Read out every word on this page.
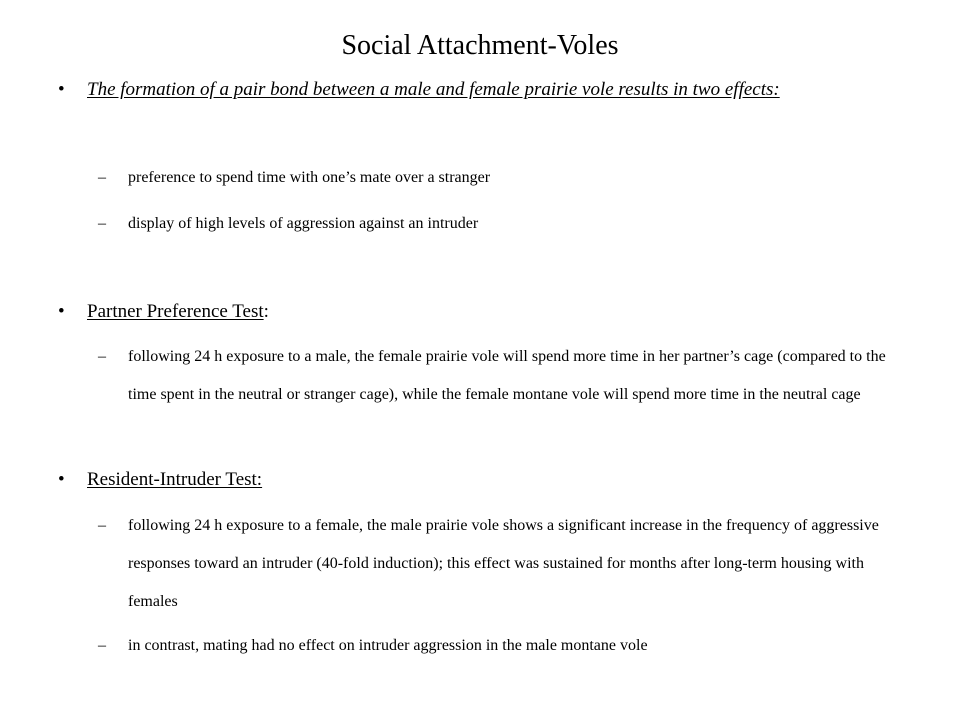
Social Attachment-Voles
•	The formation of a pair bond between a male and female prairie vole results in two effects:
–	preference to spend time with one’s mate over a stranger
–	display of high levels of aggression against an intruder
•	Partner Preference Test:
–	following 24 h exposure to a male, the female prairie vole will spend more time in her partner’s cage (compared to the time spent in the neutral or stranger cage), while the female montane vole will spend more time in the neutral cage
•	Resident-Intruder Test:
–	following 24 h exposure to a female, the male prairie vole shows a significant increase in the frequency of aggressive responses toward an intruder (40-fold induction); this effect was sustained for months after long-term housing with females
–	in contrast, mating had no effect on intruder aggression in the male montane vole
